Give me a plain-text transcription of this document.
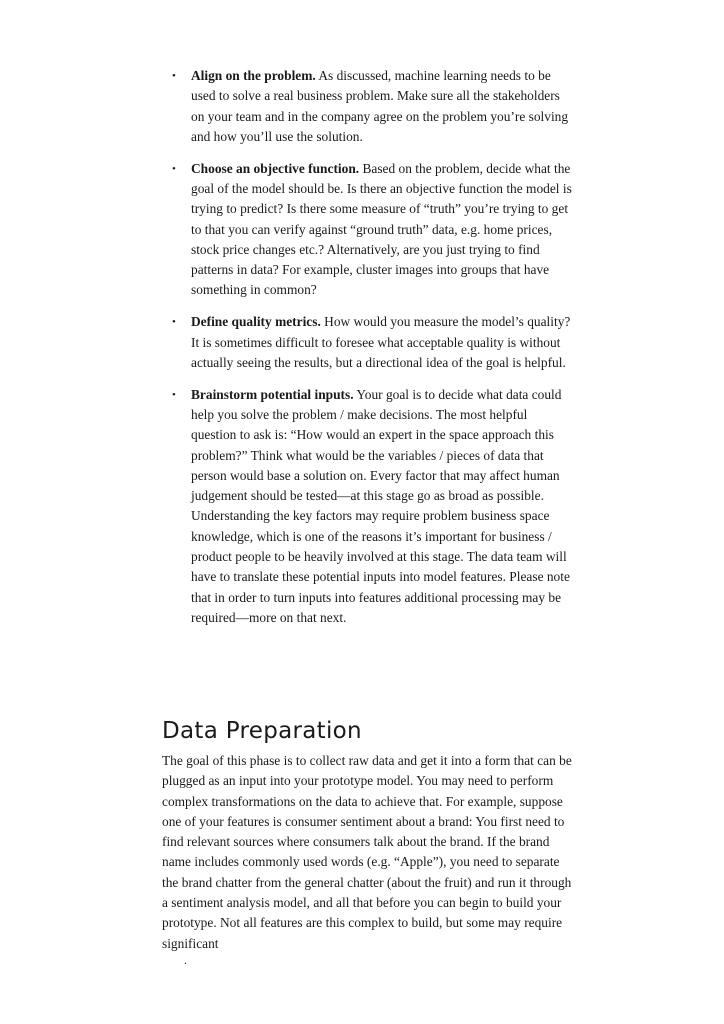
• Align on the problem. As discussed, machine learning needs to be used to solve a real business problem. Make sure all the stakeholders on your team and in the company agree on the problem you’re solving and how you’ll use the solution.
• Choose an objective function. Based on the problem, decide what the goal of the model should be. Is there an objective function the model is trying to predict? Is there some measure of “truth” you’re trying to get to that you can verify against “ground truth” data, e.g. home prices, stock price changes etc.? Alternatively, are you just trying to find patterns in data? For example, cluster images into groups that have something in common?
• Define quality metrics. How would you measure the model’s quality? It is sometimes difficult to foresee what acceptable quality is without actually seeing the results, but a directional idea of the goal is helpful.
• Brainstorm potential inputs. Your goal is to decide what data could help you solve the problem / make decisions. The most helpful question to ask is: “How would an expert in the space approach this problem?” Think what would be the variables / pieces of data that person would base a solution on. Every factor that may affect human judgement should be tested—at this stage go as broad as possible. Understanding the key factors may require problem business space knowledge, which is one of the reasons it’s important for business / product people to be heavily involved at this stage. The data team will have to translate these potential inputs into model features. Please note that in order to turn inputs into features additional processing may be required—more on that next.
Data Preparation

The goal of this phase is to collect raw data and get it into a form that can be plugged as an input into your prototype model. You may need to perform complex transformations on the data to achieve that. For example, suppose one of your features is consumer sentiment about a brand: You first need to find relevant sources where consumers talk about the brand. If the brand name includes commonly used words (e.g. “Apple”), you need to separate the brand chatter from the general chatter (about the fruit) and run it through a sentiment analysis model, and all that before you can begin to build your prototype. Not all features are this complex to build, but some may require significant

.
